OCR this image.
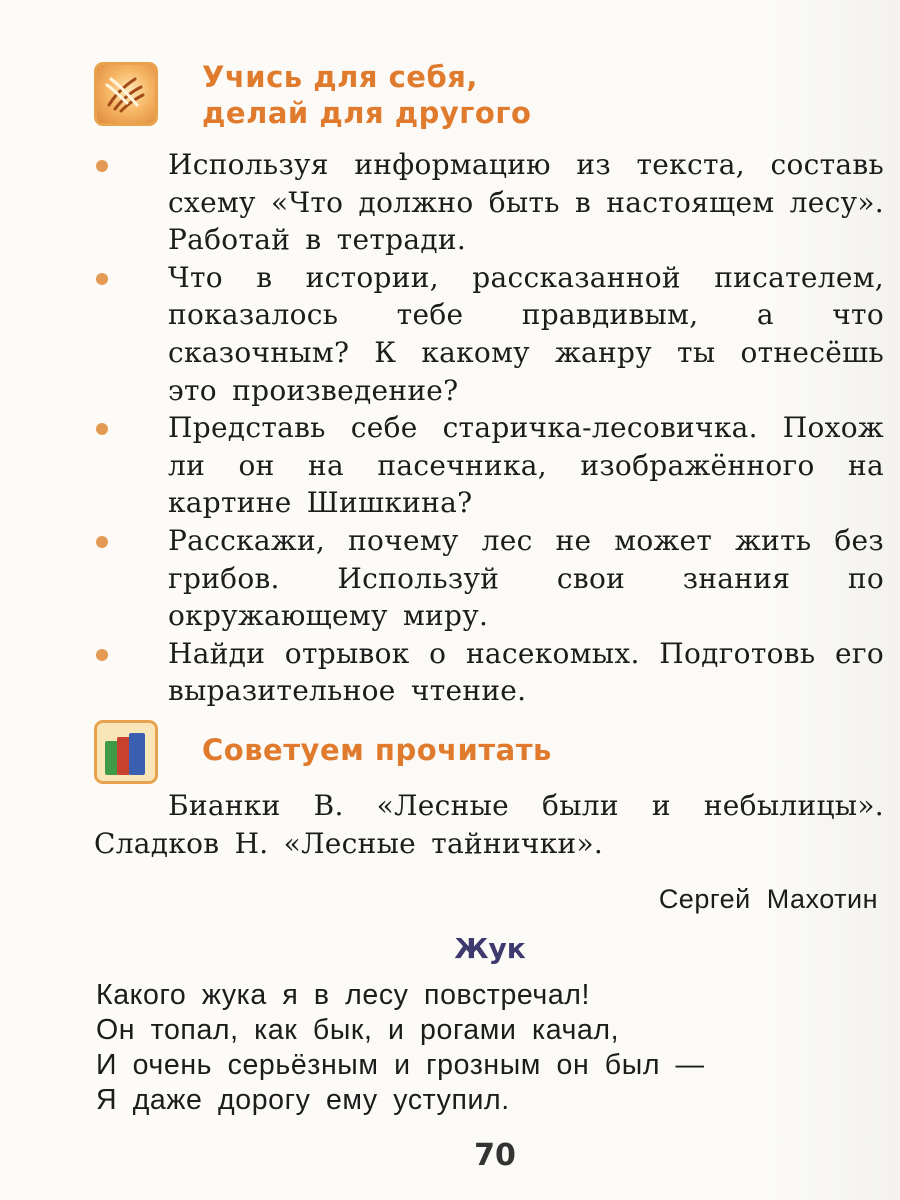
Учись для себя,
делай для другого
Используя информацию из текста, составь схему «Что должно быть в настоящем лесу». Работай в тетради.
Что в истории, рассказанной писателем, показалось тебе правдивым, а что сказочным? К какому жанру ты отнесёшь это произведение?
Представь себе старичка-лесовичка. Похож ли он на пасечника, изображённого на картине Шишкина?
Расскажи, почему лес не может жить без грибов. Используй свои знания по окружающему миру.
Найди отрывок о насекомых. Подготовь его выразительное чтение.
Советуем прочитать
Бианки В. «Лесные были и небылицы». Сладков Н. «Лесные тайнички».
Сергей Махотин
Жук
Какого жука я в лесу повстречал!
Он топал, как бык, и рогами качал,
И очень серьёзным и грозным он был —
Я даже дорогу ему уступил.
70
